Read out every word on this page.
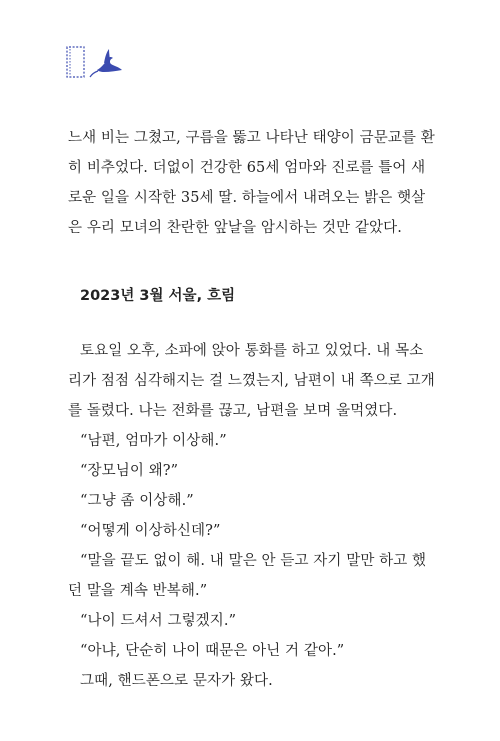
느새 비는 그쳤고, 구름을 뚫고 나타난 태양이 금문교를 환
히 비추었다. 더없이 건강한 65세 엄마와 진로를 틀어 새
로운 일을 시작한 35세 딸. 하늘에서 내려오는 밝은 햇살
은 우리 모녀의 찬란한 앞날을 암시하는 것만 같았다.
2023년 3월 서울, 흐림
토요일 오후, 소파에 앉아 통화를 하고 있었다. 내 목소
리가 점점 심각해지는 걸 느꼈는지, 남편이 내 쪽으로 고개
를 돌렸다. 나는 전화를 끊고, 남편을 보며 울먹였다.
“남편, 엄마가 이상해.”
“장모님이 왜?”
“그냥 좀 이상해.”
“어떻게 이상하신데?”
“말을 끝도 없이 해. 내 말은 안 듣고 자기 말만 하고 했
던 말을 계속 반복해.”
“나이 드셔서 그렇겠지.”
“아냐, 단순히 나이 때문은 아닌 거 같아.”
그때, 핸드폰으로 문자가 왔다.
